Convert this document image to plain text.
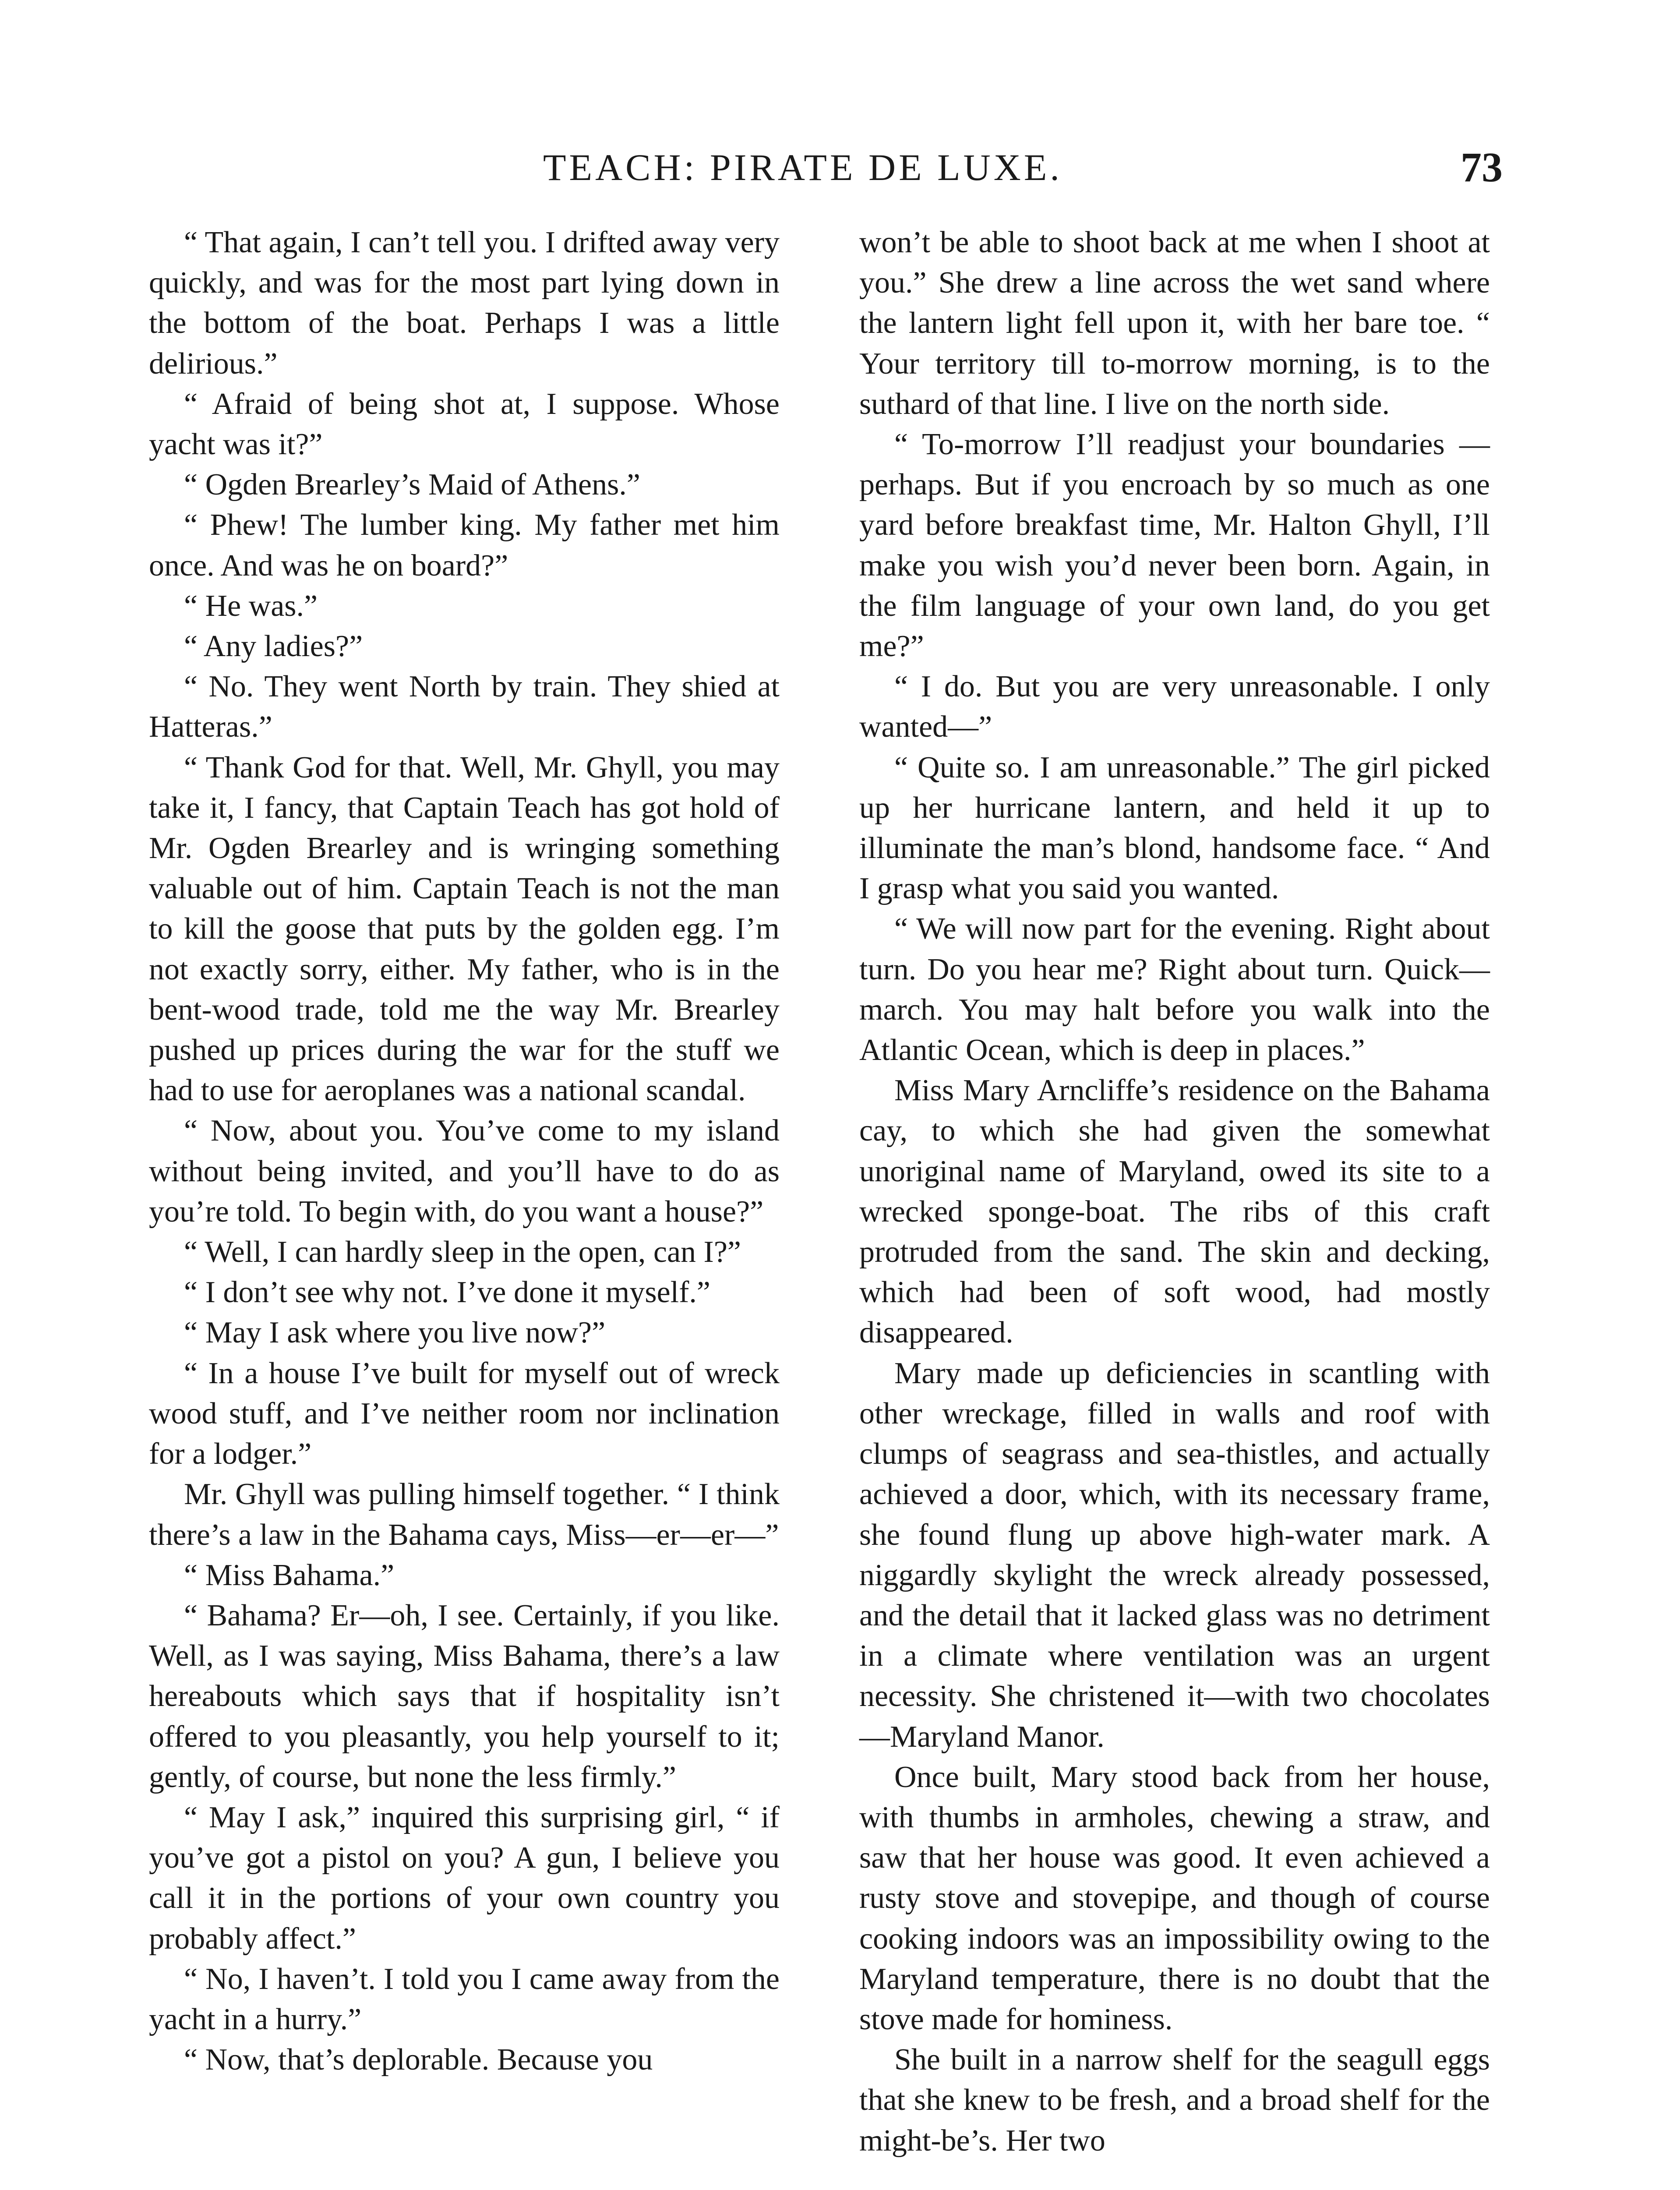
TEACH: PIRATE DE LUXE.	73

“ That again, I can’t tell you. I drifted away very quickly, and was for the most part lying down in the bottom of the boat. Perhaps I was a little delirious.”

“ Afraid of being shot at, I suppose. Whose yacht was it?”

“ Ogden Brearley’s Maid of Athens.”

“ Phew! The lumber king. My father met him once. And was he on board?”

“ He was.”

“ Any ladies?”

“ No. They went North by train. They shied at Hatteras.”

“ Thank God for that. Well, Mr. Ghyll, you may take it, I fancy, that Captain Teach has got hold of Mr. Ogden Brearley and is wringing something valuable out of him. Captain Teach is not the man to kill the goose that puts by the golden egg. I’m not exactly sorry, either. My father, who is in the bent-wood trade, told me the way Mr. Brearley pushed up prices during the war for the stuff we had to use for aeroplanes was a national scandal.

“ Now, about you. You’ve come to my island without being invited, and you’ll have to do as you’re told. To begin with, do you want a house?”

“ Well, I can hardly sleep in the open, can I?”

“ I don’t see why not. I’ve done it myself.”

“ May I ask where you live now?”

“ In a house I’ve built for myself out of wreck wood stuff, and I’ve neither room nor inclination for a lodger.”

Mr. Ghyll was pulling himself together. “ I think there’s a law in the Bahama cays, Miss—er—er—”

“ Miss Bahama.”

“ Bahama? Er—oh, I see. Certainly, if you like. Well, as I was saying, Miss Bahama, there’s a law hereabouts which says that if hospitality isn’t offered to you pleasantly, you help yourself to it; gently, of course, but none the less firmly.”

“ May I ask,” inquired this surprising girl, “ if you’ve got a pistol on you? A gun, I believe you call it in the portions of your own country you probably affect.”

“ No, I haven’t. I told you I came away from the yacht in a hurry.”

“ Now, that’s deplorable. Because you

won’t be able to shoot back at me when I shoot at you.” She drew a line across the wet sand where the lantern light fell upon it, with her bare toe. “ Your territory till to-morrow morning, is to the suthard of that line. I live on the north side.

“ To-morrow I’ll readjust your boundaries —perhaps. But if you encroach by so much as one yard before breakfast time, Mr. Halton Ghyll, I’ll make you wish you’d never been born. Again, in the film language of your own land, do you get me?”

“ I do. But you are very unreasonable. I only wanted—”

“ Quite so. I am unreasonable.” The girl picked up her hurricane lantern, and held it up to illuminate the man’s blond, handsome face. “ And I grasp what you said you wanted.

“ We will now part for the evening. Right about turn. Do you hear me? Right about turn. Quick—march. You may halt before you walk into the Atlantic Ocean, which is deep in places.”

Miss Mary Arncliffe’s residence on the Bahama cay, to which she had given the somewhat unoriginal name of Maryland, owed its site to a wrecked sponge-boat. The ribs of this craft protruded from the sand. The skin and decking, which had been of soft wood, had mostly disappeared.

Mary made up deficiencies in scantling with other wreckage, filled in walls and roof with clumps of seagrass and sea-thistles, and actually achieved a door, which, with its necessary frame, she found flung up above high-water mark. A niggardly skylight the wreck already possessed, and the detail that it lacked glass was no detriment in a climate where ventilation was an urgent necessity. She christened it—with two chocolates—Maryland Manor.

Once built, Mary stood back from her house, with thumbs in armholes, chewing a straw, and saw that her house was good. It even achieved a rusty stove and stovepipe, and though of course cooking indoors was an impossibility owing to the Maryland temperature, there is no doubt that the stove made for hominess.

She built in a narrow shelf for the seagull eggs that she knew to be fresh, and a broad shelf for the might-be’s. Her two
